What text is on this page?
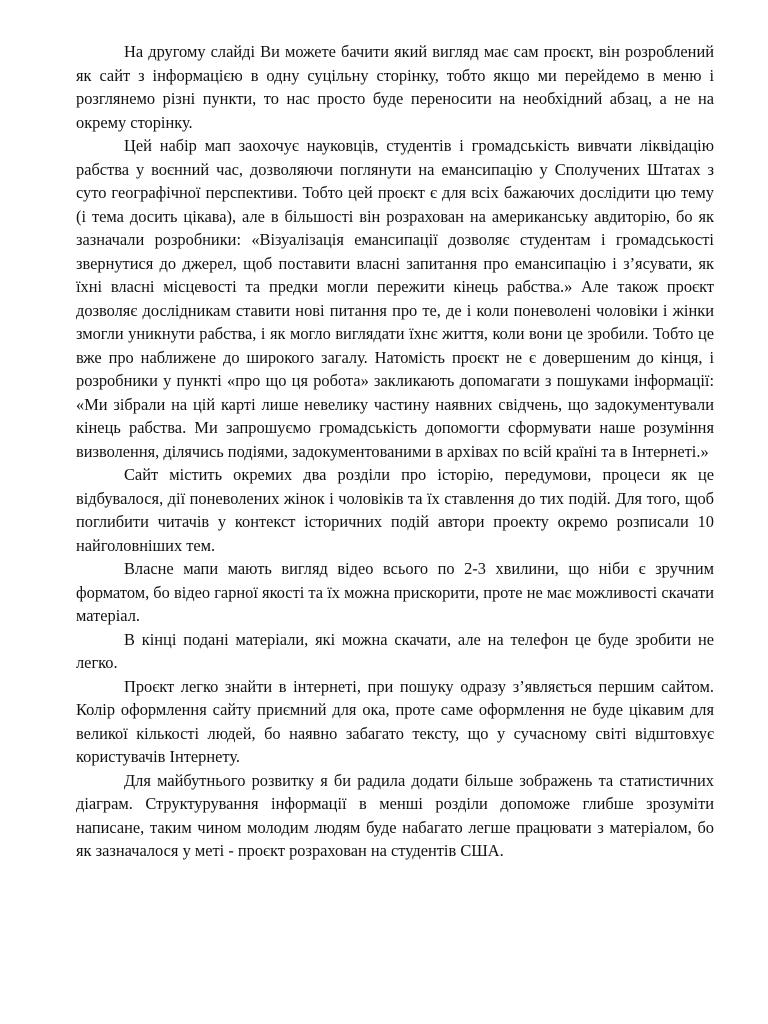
На другому слайді Ви можете бачити який вигляд має сам проєкт, він розроблений як сайт з інформацією в одну суцільну сторінку, тобто якщо ми перейдемо в меню і розглянемо різні пункти, то нас просто буде переносити на необхідний абзац, а не на окрему сторінку.

Цей набір мап заохочує науковців, студентів і громадськість вивчати ліквідацію рабства у воєнний час, дозволяючи поглянути на емансипацію у Сполучених Штатах з суто географічної перспективи. Тобто цей проєкт є для всіх бажаючих дослідити цю тему (і тема досить цікава), але в більшості він розрахован на американську авдиторію, бо як зазначали розробники: «Візуалізація емансипації дозволяє студентам і громадськості звернутися до джерел, щоб поставити власні запитання про емансипацію і з’ясувати, як їхні власні місцевості та предки могли пережити кінець рабства.» Але також проєкт дозволяє дослідникам ставити нові питання про те, де і коли поневолені чоловіки і жінки змогли уникнути рабства, і як могло виглядати їхнє життя, коли вони це зробили. Тобто це вже про наближене до широкого загалу. Натомість проєкт не є довершеним до кінця, і розробники у пункті «про що ця робота» закликають допомагати з пошуками інформації: «Ми зібрали на цій карті лише невелику частину наявних свідчень, що задокументували кінець рабства. Ми запрошуємо громадськість допомогти сформувати наше розуміння визволення, ділячись подіями, задокументованими в архівах по всій країні та в Інтернеті.»

Сайт містить окремих два розділи про історію, передумови, процеси як це відбувалося, дії поневолених жінок і чоловіків та їх ставлення до тих подій. Для того, щоб поглибити читачів у контекст історичних подій автори проекту окремо розписали 10 найголовніших тем.

Власне мапи мають вигляд відео всього по 2-3 хвилини, що ніби є зручним форматом, бо відео гарної якості та їх можна прискорити, проте не має можливості скачати матеріал.

В кінці подані матеріали, які можна скачати, але на телефон це буде зробити не легко.

Проєкт легко знайти в інтернеті, при пошуку одразу з’являється першим сайтом. Колір оформлення сайту приємний для ока, проте саме оформлення не буде цікавим для великої кількості людей, бо наявно забагато тексту, що у сучасному світі відштовхує користувачів Інтернету.

Для майбутнього розвитку я би радила додати більше зображень та статистичних діаграм. Структурування інформації в менші розділи допоможе глибше зрозуміти написане, таким чином молодим людям буде набагато легше працювати з матеріалом, бо як зазначалося у меті - проєкт розрахован на студентів США.
